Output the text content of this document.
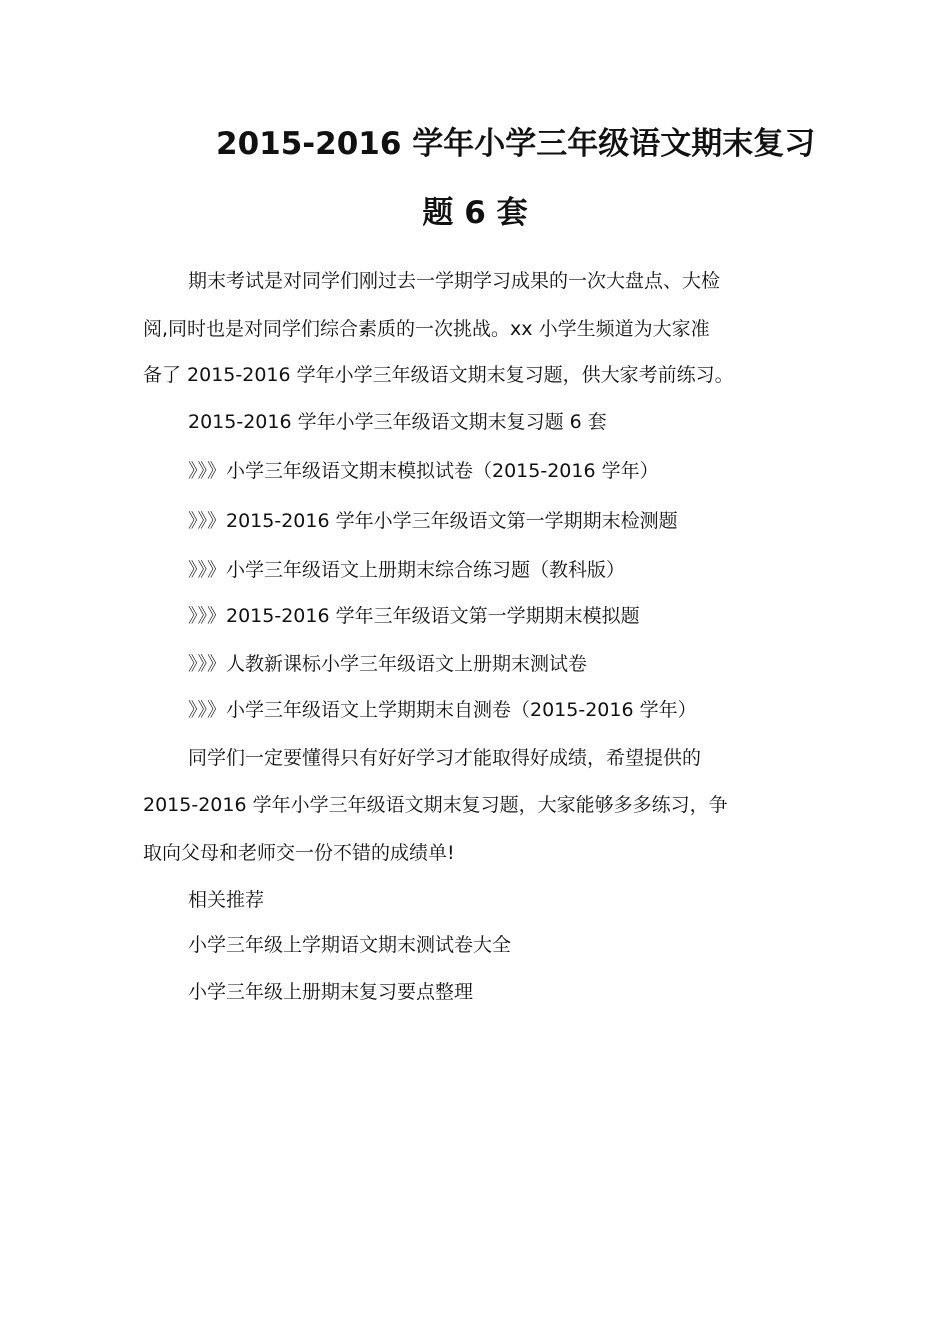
2015-2016 学年小学三年级语文期末复习
题 6 套

期末考试是对同学们刚过去一学期学习成果的一次大盘点、大检

阅,同时也是对同学们综合素质的一次挑战。xx 小学生频道为大家准

备了 2015-2016 学年小学三年级语文期末复习题，供大家考前练习。

2015-2016 学年小学三年级语文期末复习题 6 套

》》》小学三年级语文期末模拟试卷（2015-2016 学年）
》》》2015-2016 学年小学三年级语文第一学期期末检测题
》》》小学三年级语文上册期末综合练习题（教科版）
》》》2015-2016 学年三年级语文第一学期期末模拟题
》》》人教新课标小学三年级语文上册期末测试卷
》》》小学三年级语文上学期期末自测卷（2015-2016 学年）

同学们一定要懂得只有好好学习才能取得好成绩，希望提供的

2015-2016 学年小学三年级语文期末复习题，大家能够多多练习，争

取向父母和老师交一份不错的成绩单!

相关推荐

小学三年级上学期语文期末测试卷大全
小学三年级上册期末复习要点整理
